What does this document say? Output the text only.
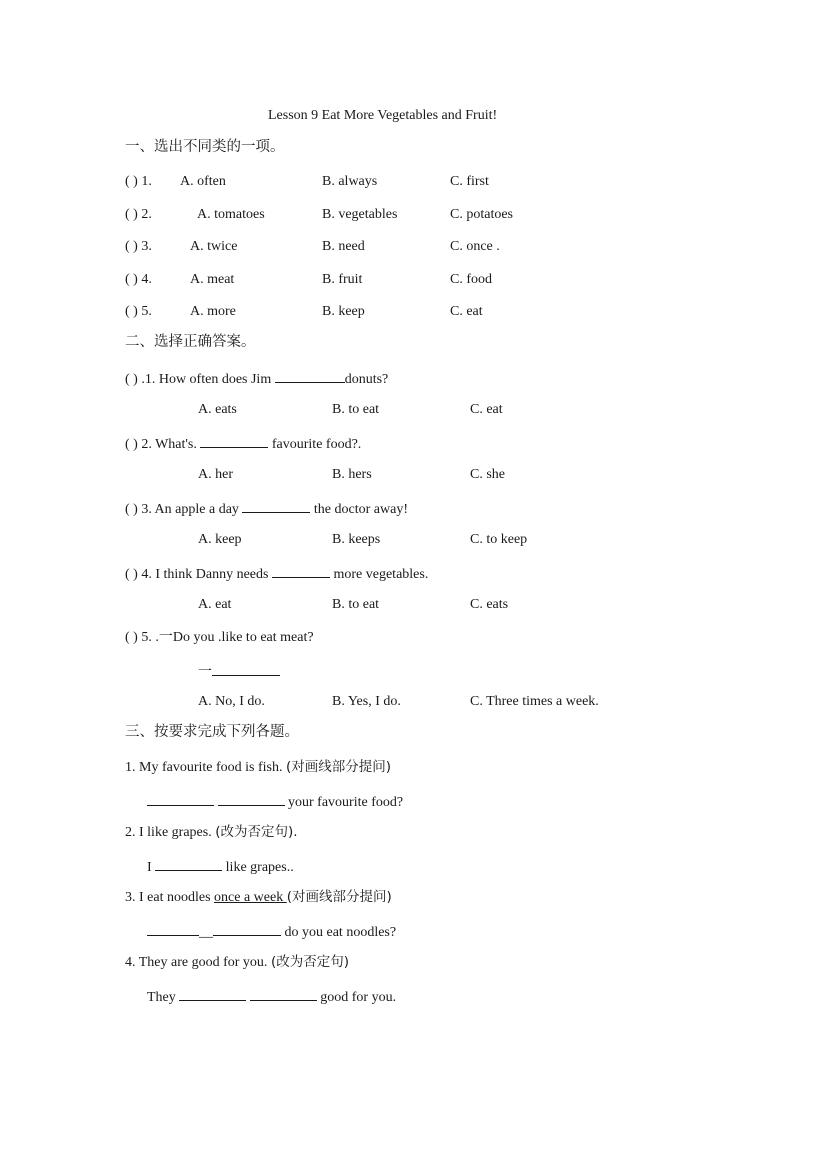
Lesson 9 Eat More Vegetables and Fruit!
一、选出不同类的一项。
( ) 1. A. often	B. always	C. first
( ) 2.	A. tomatoes	B. vegetables	C. potatoes
( ) 3.	A. twice	B. need	C. once .
( ) 4.	A. meat	B. fruit	C. food
( ) 5.	A. more	B. keep	C. eat
二、选择正确答案。
( ) .1. How often does Jim	donuts?
A. eats	B. to eat	C. eat
( ) 2. What's.	favourite food?.
A. her	B. hers	C. she
( ) 3. An apple a day	the doctor away!
A. keep	B. keeps	C. to keep
( ) 4. I think Danny needs	more vegetables.
A. eat	B. to eat	C. eats
( ) 5. .一Do you .like to eat meat?
一
A. No, I do.	B. Yes, I do.	C. Three times a week.
三、按要求完成下列各题。
1. My favourite food is fish. (对画线部分提问)
your favourite food?
2. I like grapes. (改为否定句).
I	like grapes..
3. I eat noodles once a week (对画线部分提问)
__	do you eat noodles?
4. They are good for you. (改为否定句)
They	good for you.
